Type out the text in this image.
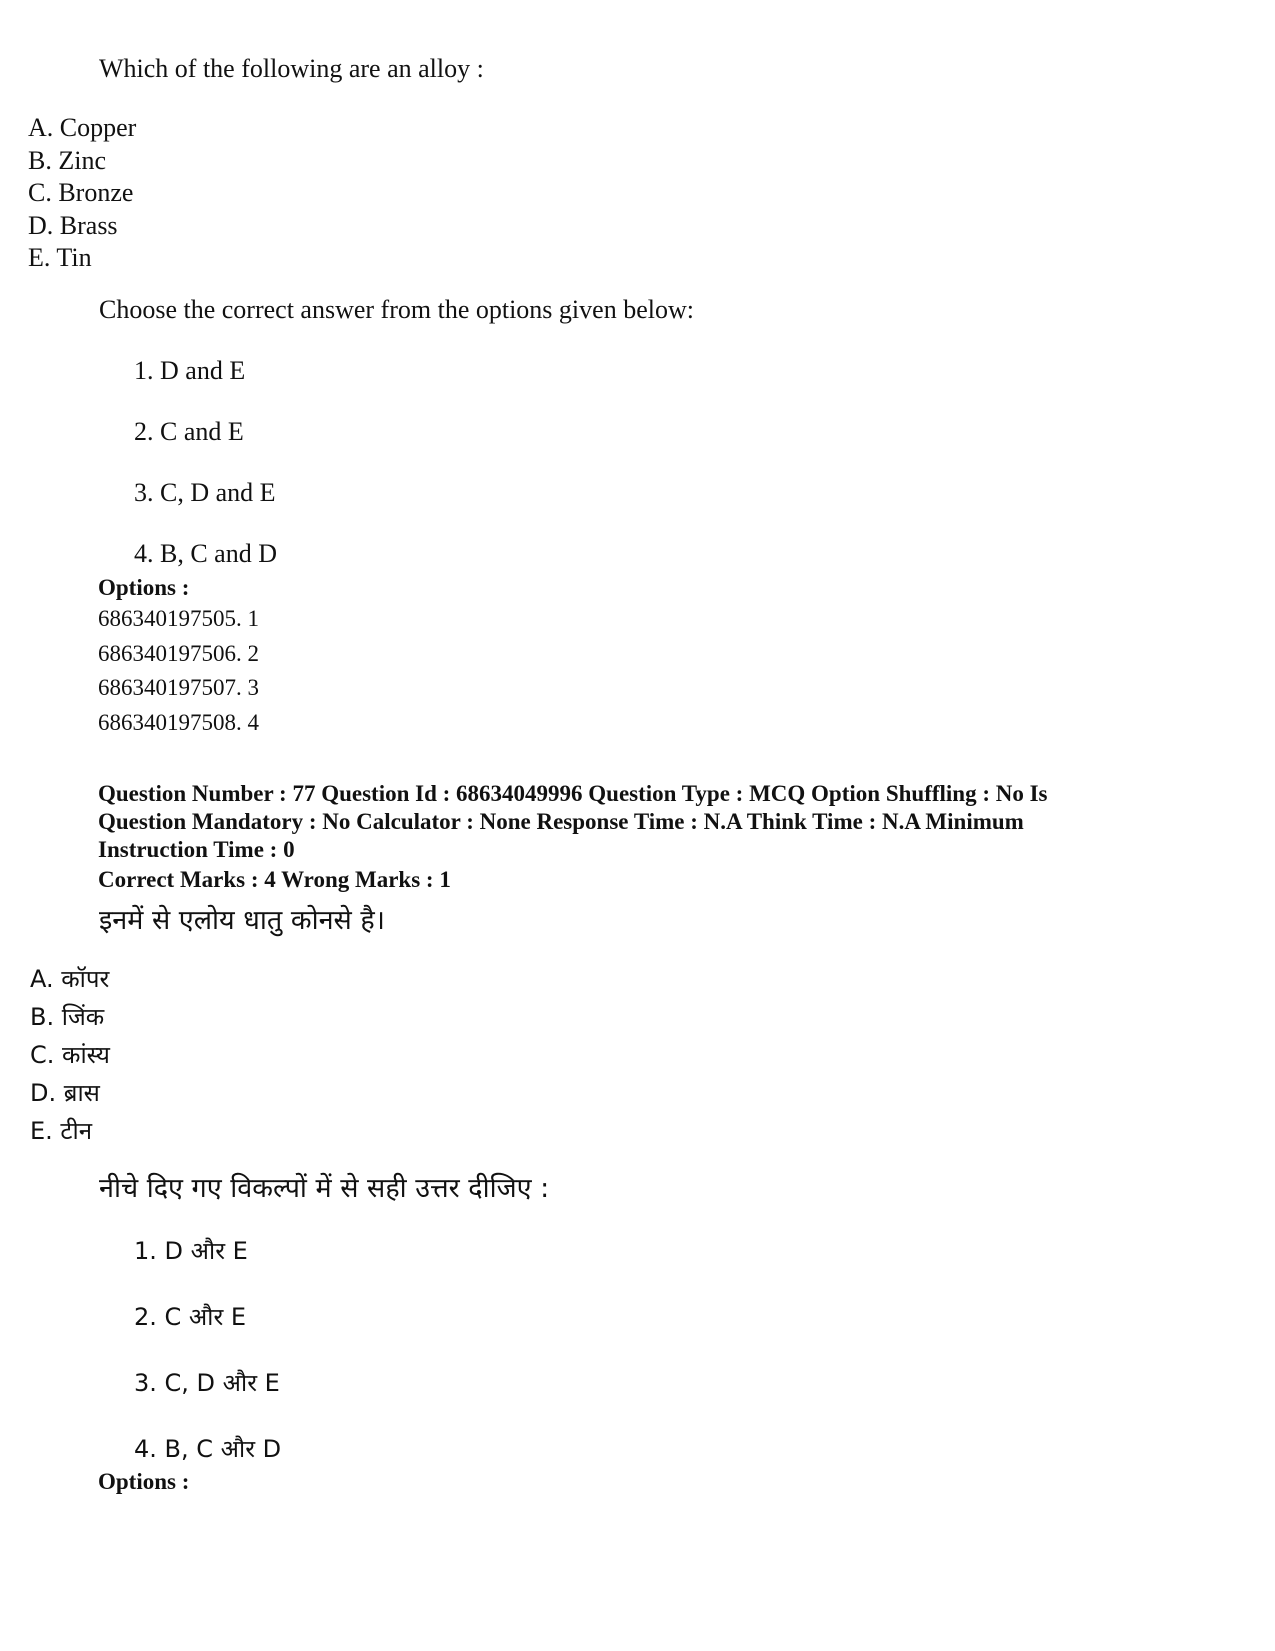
Which of the following are an alloy :
A. Copper
B. Zinc
C. Bronze
D. Brass
E. Tin
Choose the correct answer from the options given below:
1. D and E
2. C and E
3. C, D and E
4. B, C and D
Options :
686340197505. 1
686340197506. 2
686340197507. 3
686340197508. 4
Question Number : 77 Question Id : 68634049996 Question Type : MCQ Option Shuffling : No Is
Question Mandatory : No Calculator : None Response Time : N.A Think Time : N.A Minimum
Instruction Time : 0
Correct Marks : 4 Wrong Marks : 1
इनमें से एलोय धातु कोनसे है।
A. कॉपर
B. जिंक
C. कांस्य
D. ब्रास
E. टीन
नीचे दिए गए विकल्पों में से सही उत्तर दीजिए :
1. D और E
2. C और E
3. C, D और E
4. B, C और D
Options :
